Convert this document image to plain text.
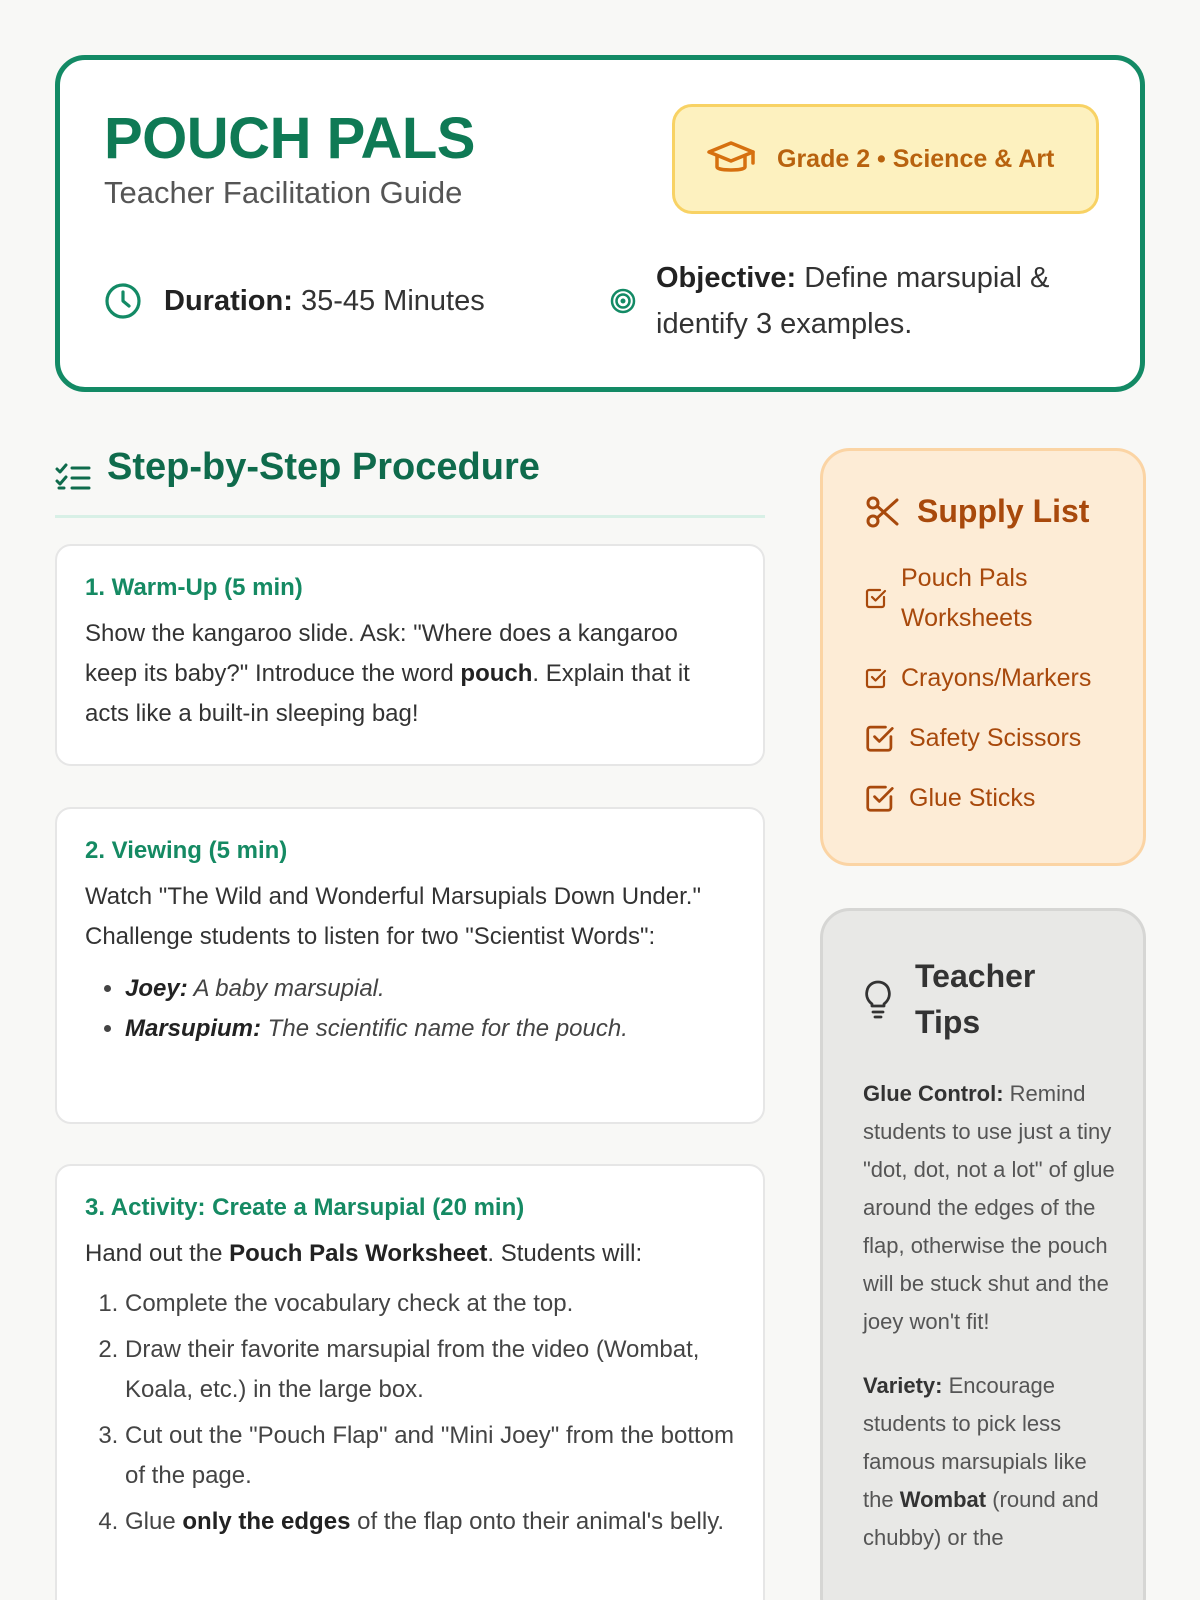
POUCH PALS
Teacher Facilitation Guide
Grade 2 • Science & Art
Duration: 35-45 Minutes
Objective: Define marsupial & identify 3 examples.
Step-by-Step Procedure
1. Warm-Up (5 min)

Show the kangaroo slide. Ask: "Where does a kangaroo keep its baby?" Introduce the word pouch. Explain that it acts like a built-in sleeping bag!

2. Viewing (5 min)

Watch "The Wild and Wonderful Marsupials Down Under." Challenge students to listen for two "Scientist Words":

• Joey: A baby marsupial.
• Marsupium: The scientific name for the pouch.
3. Activity: Create a Marsupial (20 min)

Hand out the Pouch Pals Worksheet. Students will:

1. Complete the vocabulary check at the top.
2. Draw their favorite marsupial from the video (Wombat, Koala, etc.) in the large box.
3. Cut out the "Pouch Flap" and "Mini Joey" from the bottom of the page.
4. Glue only the edges of the flap onto their animal's belly.
Supply List
Pouch Pals Worksheets
Crayons/Markers
Safety Scissors
Glue Sticks
Teacher Tips

Glue Control: Remind students to use just a tiny "dot, dot, not a lot" of glue around the edges of the flap, otherwise the pouch will be stuck shut and the joey won't fit!

Variety: Encourage students to pick less famous marsupials like the Wombat (round and chubby) or the
